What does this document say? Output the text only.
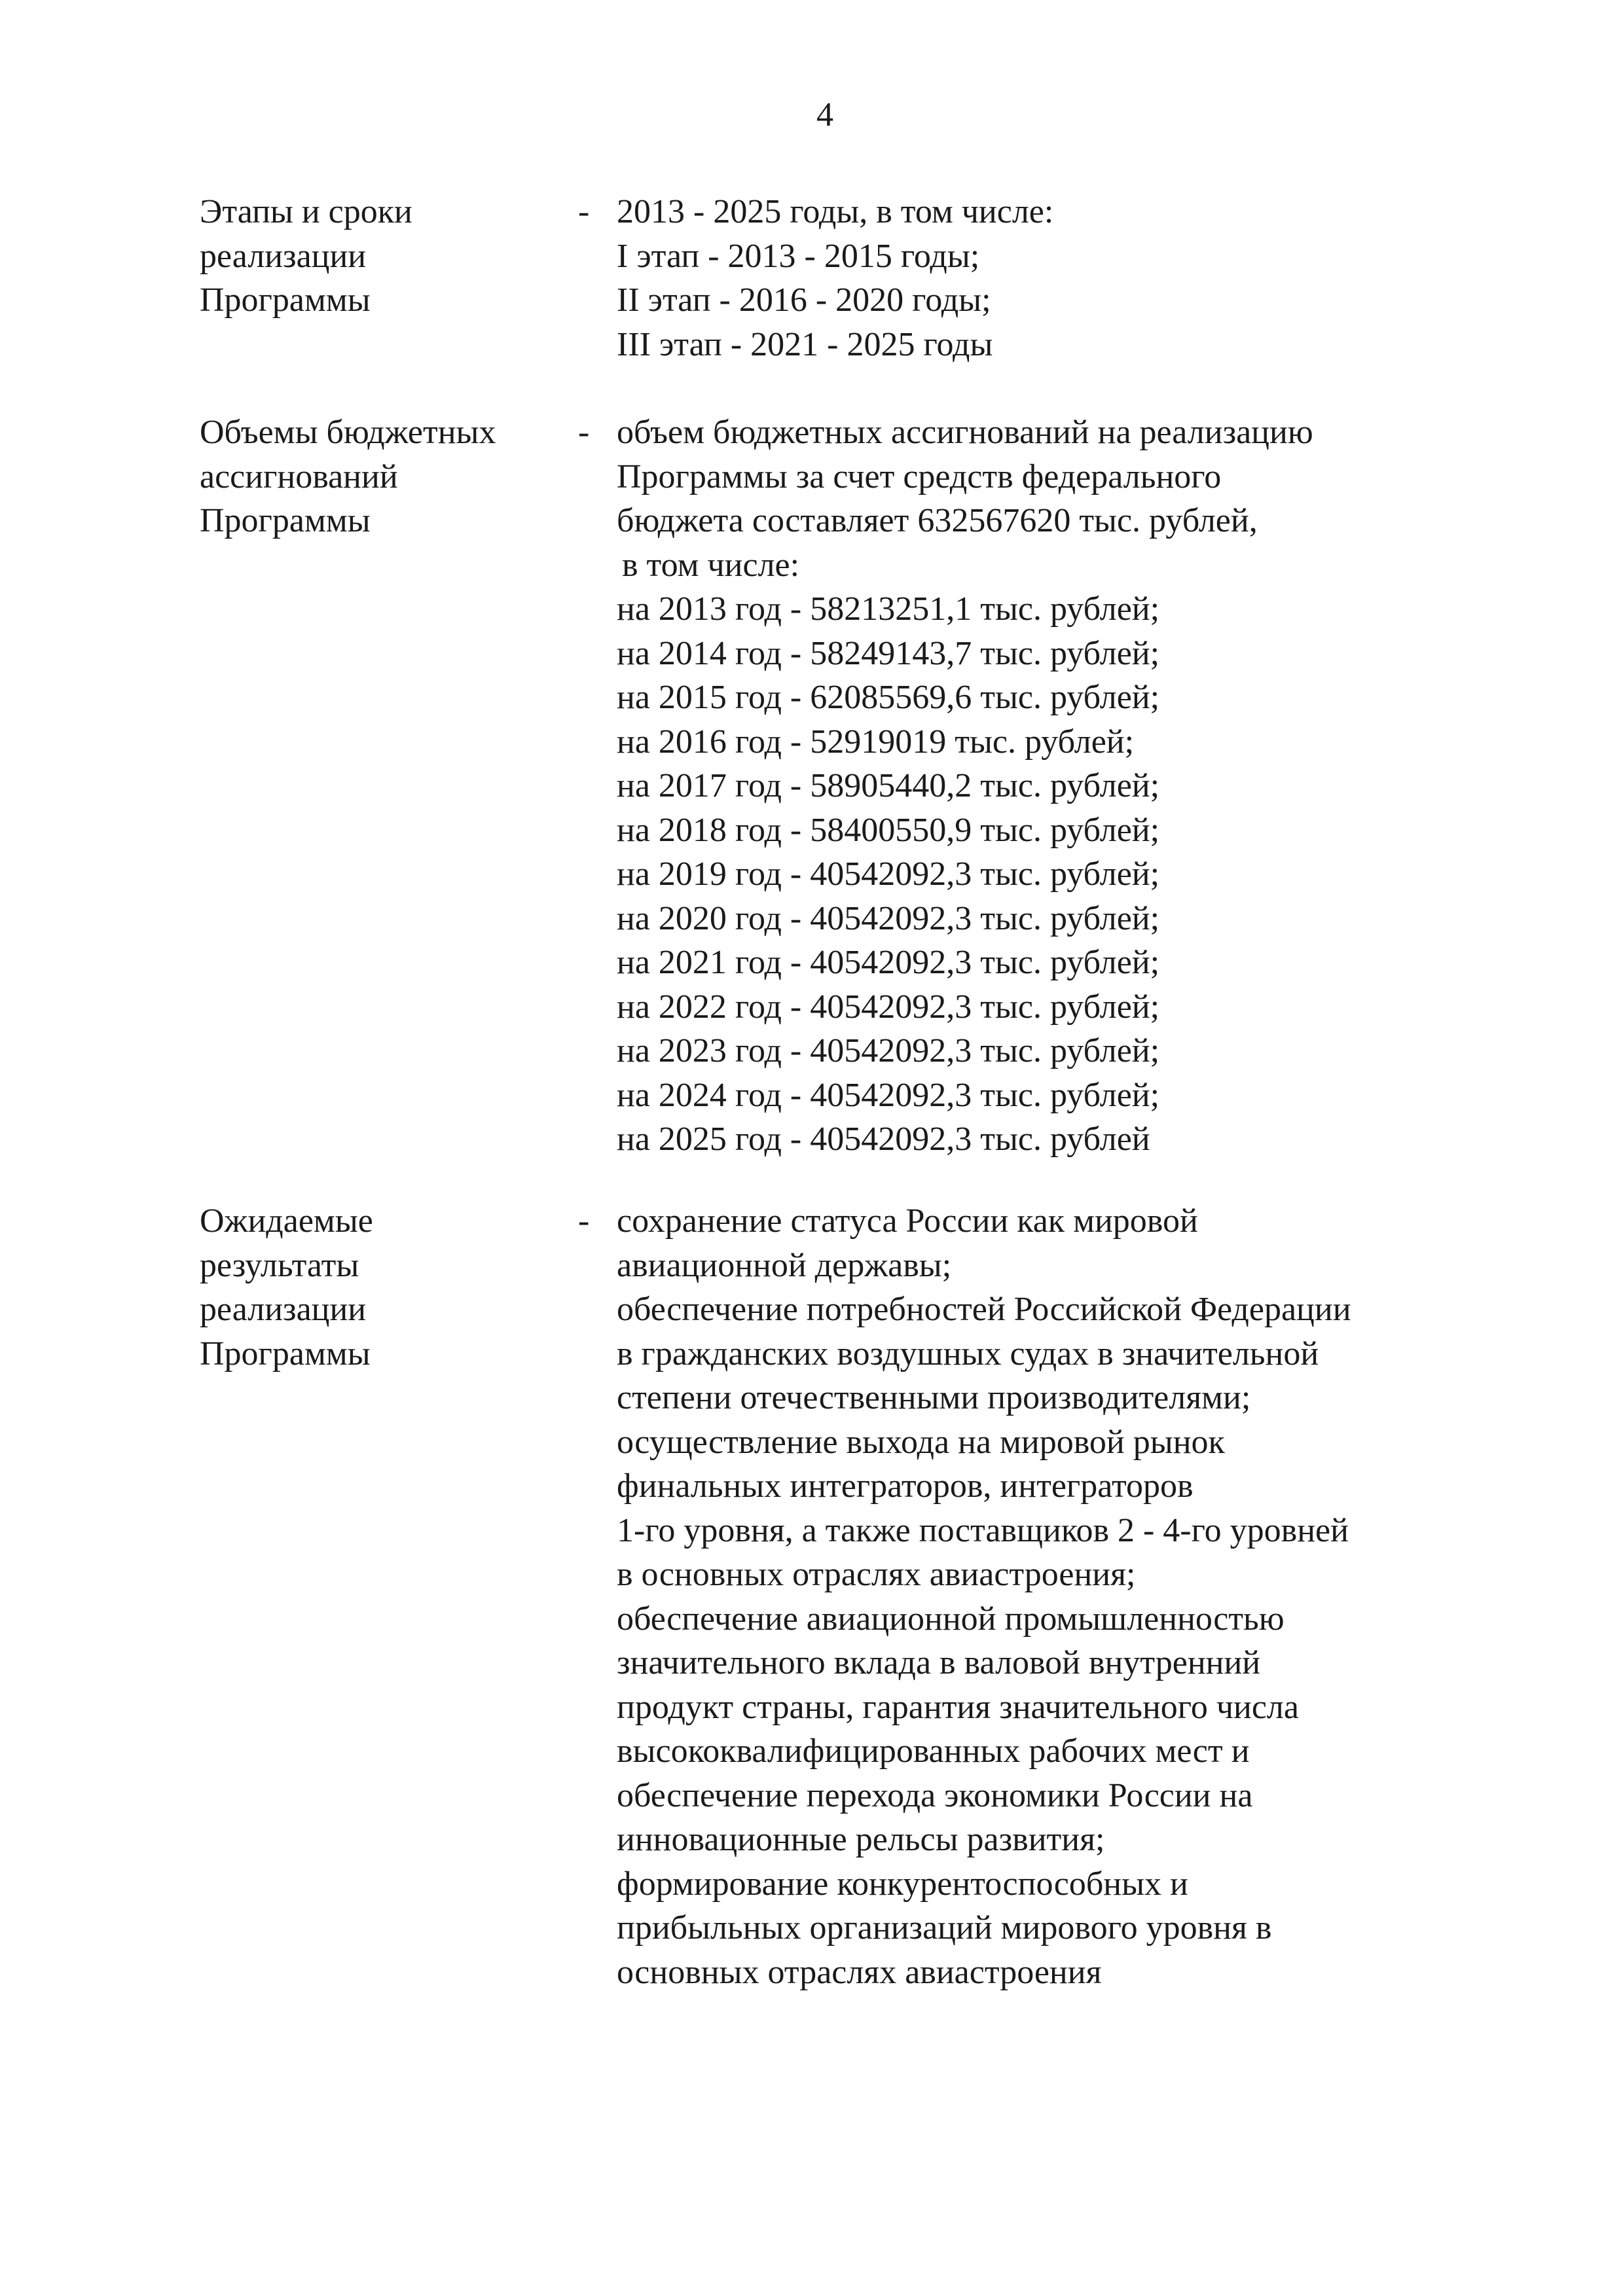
4
Этапы и сроки
реализации
Программы
- 2013 - 2025 годы, в том числе:
I этап - 2013 - 2015 годы;
II этап - 2016 - 2020 годы;
III этап - 2021 - 2025 годы
Объемы бюджетных
ассигнований
Программы
- объем бюджетных ассигнований на реализацию
Программы за счет средств федерального
бюджета составляет 632567620 тыс. рублей,
в том числе:
на 2013 год - 58213251,1 тыс. рублей;
на 2014 год - 58249143,7 тыс. рублей;
на 2015 год - 62085569,6 тыс. рублей;
на 2016 год - 52919019 тыс. рублей;
на 2017 год - 58905440,2 тыс. рублей;
на 2018 год - 58400550,9 тыс. рублей;
на 2019 год - 40542092,3 тыс. рублей;
на 2020 год - 40542092,3 тыс. рублей;
на 2021 год - 40542092,3 тыс. рублей;
на 2022 год - 40542092,3 тыс. рублей;
на 2023 год - 40542092,3 тыс. рублей;
на 2024 год - 40542092,3 тыс. рублей;
на 2025 год - 40542092,3 тыс. рублей
Ожидаемые
результаты
реализации
Программы
- сохранение статуса России как мировой
авиационной державы;
обеспечение потребностей Российской Федерации
в гражданских воздушных судах в значительной
степени отечественными производителями;
осуществление выхода на мировой рынок
финальных интеграторов, интеграторов
1-го уровня, а также поставщиков 2 - 4-го уровней
в основных отраслях авиастроения;
обеспечение авиационной промышленностью
значительного вклада в валовой внутренний
продукт страны, гарантия значительного числа
высококвалифицированных рабочих мест и
обеспечение перехода экономики России на
инновационные рельсы развития;
формирование конкурентоспособных и
прибыльных организаций мирового уровня в
основных отраслях авиастроения
